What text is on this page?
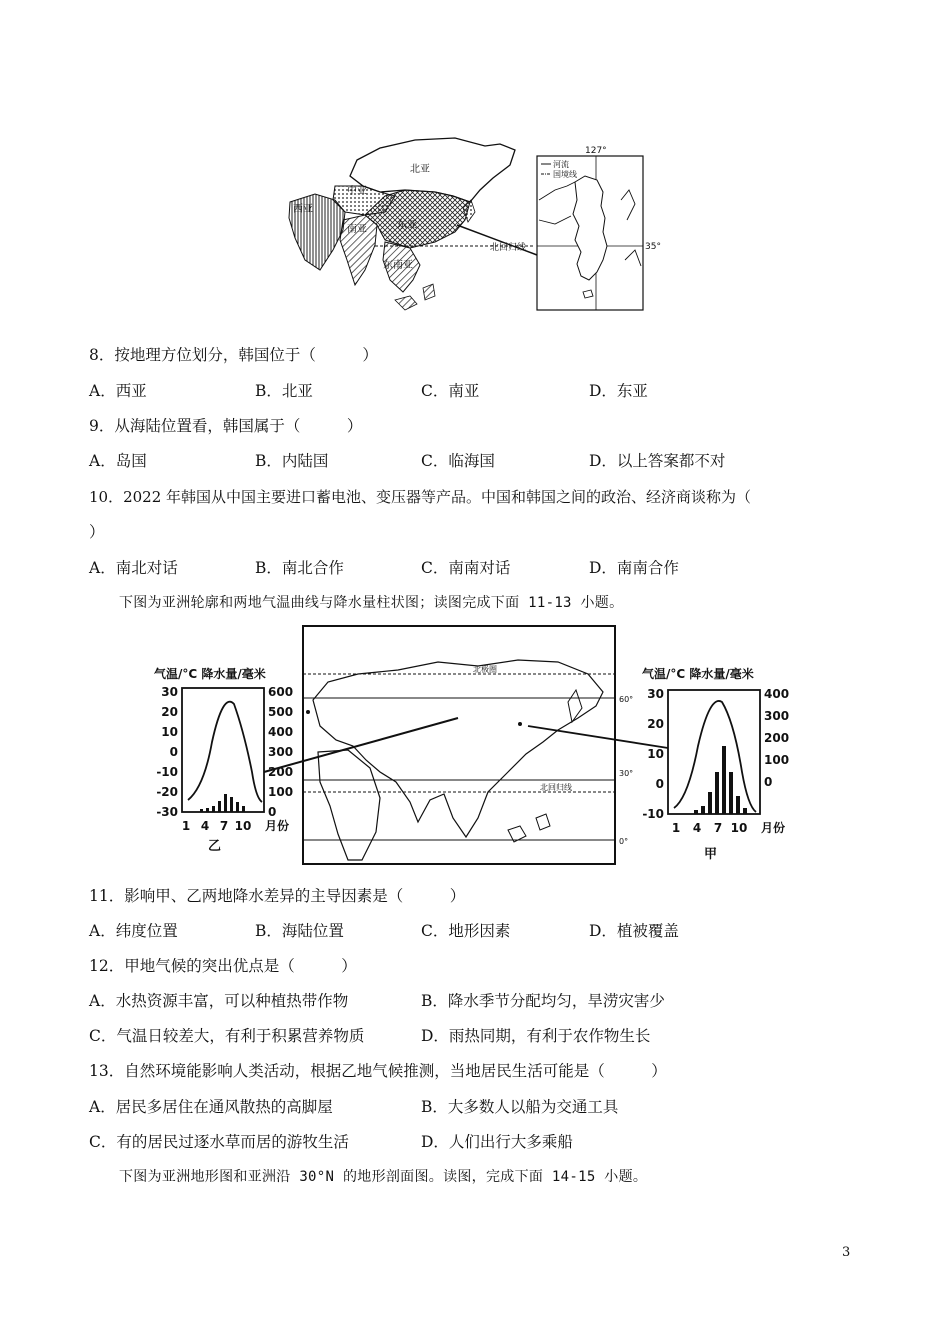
北亚
中亚
西亚
南亚	东亚
东南亚
北回归线
河流
国境线
127°
35°
8．按地理方位划分，韩国位于（　　　）
A．西亚	B．北亚	C．南亚	D．东亚
9．从海陆位置看，韩国属于（　　　）
A．岛国	B．内陆国	C．临海国	D．以上答案都不对
10．2022 年韩国从中国主要进口蓄电池、变压器等产品。中国和韩国之间的政治、经济商谈称为（
）
A．南北对话	B．南北合作	C．南南对话	D．南南合作
下图为亚洲轮廓和两地气温曲线与降水量柱状图；读图完成下面 11-13 小题。
气温/°C 降水量/毫米
30
20
10
0
-10
-20
-30
600
500
400
300
200
100
0
1 4 7 10 月份
乙
北极圈
60°
30°
北回归线
0°
气温/°C 降水量/毫米
30
20
10
0
-10
400
300
200
100
0
1 4 7 10 月份
甲
11．影响甲、乙两地降水差异的主导因素是（　　　）
A．纬度位置	B．海陆位置	C．地形因素	D．植被覆盖
12．甲地气候的突出优点是（　　　）
A．水热资源丰富，可以种植热带作物	B．降水季节分配均匀，旱涝灾害少
C．气温日较差大，有利于积累营养物质	D．雨热同期，有利于农作物生长
13．自然环境能影响人类活动，根据乙地气候推测，当地居民生活可能是（　　　）
A．居民多居住在通风散热的高脚屋	B．大多数人以船为交通工具
C．有的居民过逐水草而居的游牧生活	D．人们出行大多乘船
下图为亚洲地形图和亚洲沿 30°N 的地形剖面图。读图，完成下面 14-15 小题。
3
